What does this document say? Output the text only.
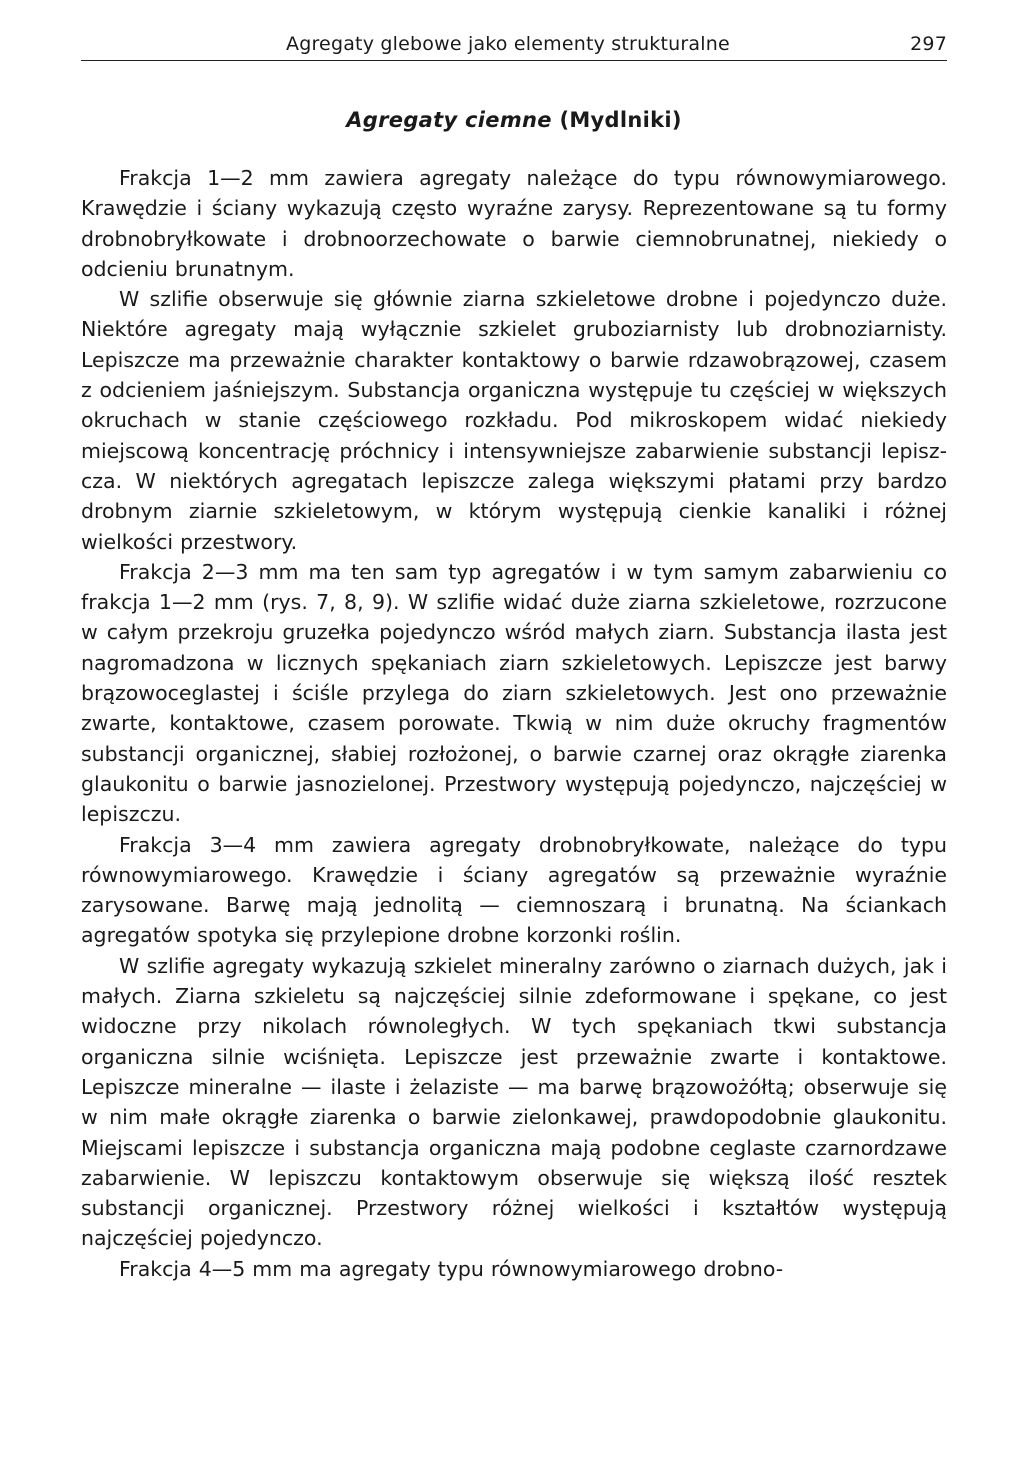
Agregaty glebowe jako elementy strukturalne	297
Agregaty ciemne (Mydlniki)

Frakcja 1—2 mm zawiera agregaty należące do typu równowymiarowego. Krawędzie i ściany wykazują często wyraźne zarysy. Reprezentowane są tu formy drobnobryłkowate i drobnoorzechowate o barwie ciemnobrunatnej, niekiedy o odcieniu brunatnym.

W szlifie obserwuje się głównie ziarna szkieletowe drobne i pojedynczo duże. Niektóre agregaty mają wyłącznie szkielet gruboziarnisty lub drobnoziarnisty. Lepiszcze ma przeważnie charakter kontaktowy o barwie rdzawobrązowej, czasem z odcieniem jaśniejszym. Substancja organiczna występuje tu częściej w większych okruchach w stanie częściowego rozkładu. Pod mikroskopem widać niekiedy miejscową koncentrację próchnicy i intensywniejsze zabarwienie substancji lepiszcza. W niektórych agregatach lepiszcze zalega większymi płatami przy bardzo drobnym ziarnie szkieletowym, w którym występują cienkie kanaliki i różnej wielkości przestwory.

Frakcja 2—3 mm ma ten sam typ agregatów i w tym samym zabarwieniu co frakcja 1—2 mm (rys. 7, 8, 9). W szlifie widać duże ziarna szkieletowe, rozrzucone w całym przekroju gruzełka pojedynczo wśród małych ziarn. Substancja ilasta jest nagromadzona w licznych spękaniach ziarn szkieletowych. Lepiszcze jest barwy brązowoceglastej i ściśle przylega do ziarn szkieletowych. Jest ono przeważnie zwarte, kontaktowe, czasem porowate. Tkwią w nim duże okruchy fragmentów substancji organicznej, słabiej rozłożonej, o barwie czarnej oraz okrągłe ziarenka glaukonitu o barwie jasnozielonej. Przestwory występują pojedynczo, najczęściej w lepiszczu.

Frakcja 3—4 mm zawiera agregaty drobnobryłkowate, należące do typu równowymiarowego. Krawędzie i ściany agregatów są przeważnie wyraźnie zarysowane. Barwę mają jednolitą — ciemnoszarą i brunatną. Na ściankach agregatów spotyka się przylepione drobne korzonki roślin.

W szlifie agregaty wykazują szkielet mineralny zarówno o ziarnach dużych, jak i małych. Ziarna szkieletu są najczęściej silnie zdeformowane i spękane, co jest widoczne przy nikolach równoległych. W tych spękaniach tkwi substancja organiczna silnie wciśnięta. Lepiszcze jest przeważnie zwarte i kontaktowe. Lepiszcze mineralne — ilaste i żelaziste — ma barwę brązowożółtą; obserwuje się w nim małe okrągłe ziarenka o barwie zielonkawej, prawdopodobnie glaukonitu. Miejscami lepiszcze i substancja organiczna mają podobne ceglaste czarnordzawe zabarwienie. W lepiszczu kontaktowym obserwuje się większą ilość resztek substancji organicznej. Przestwory różnej wielkości i kształtów występują najczęściej pojedynczo.

Frakcja 4—5 mm ma agregaty typu równowymiarowego drobno-
